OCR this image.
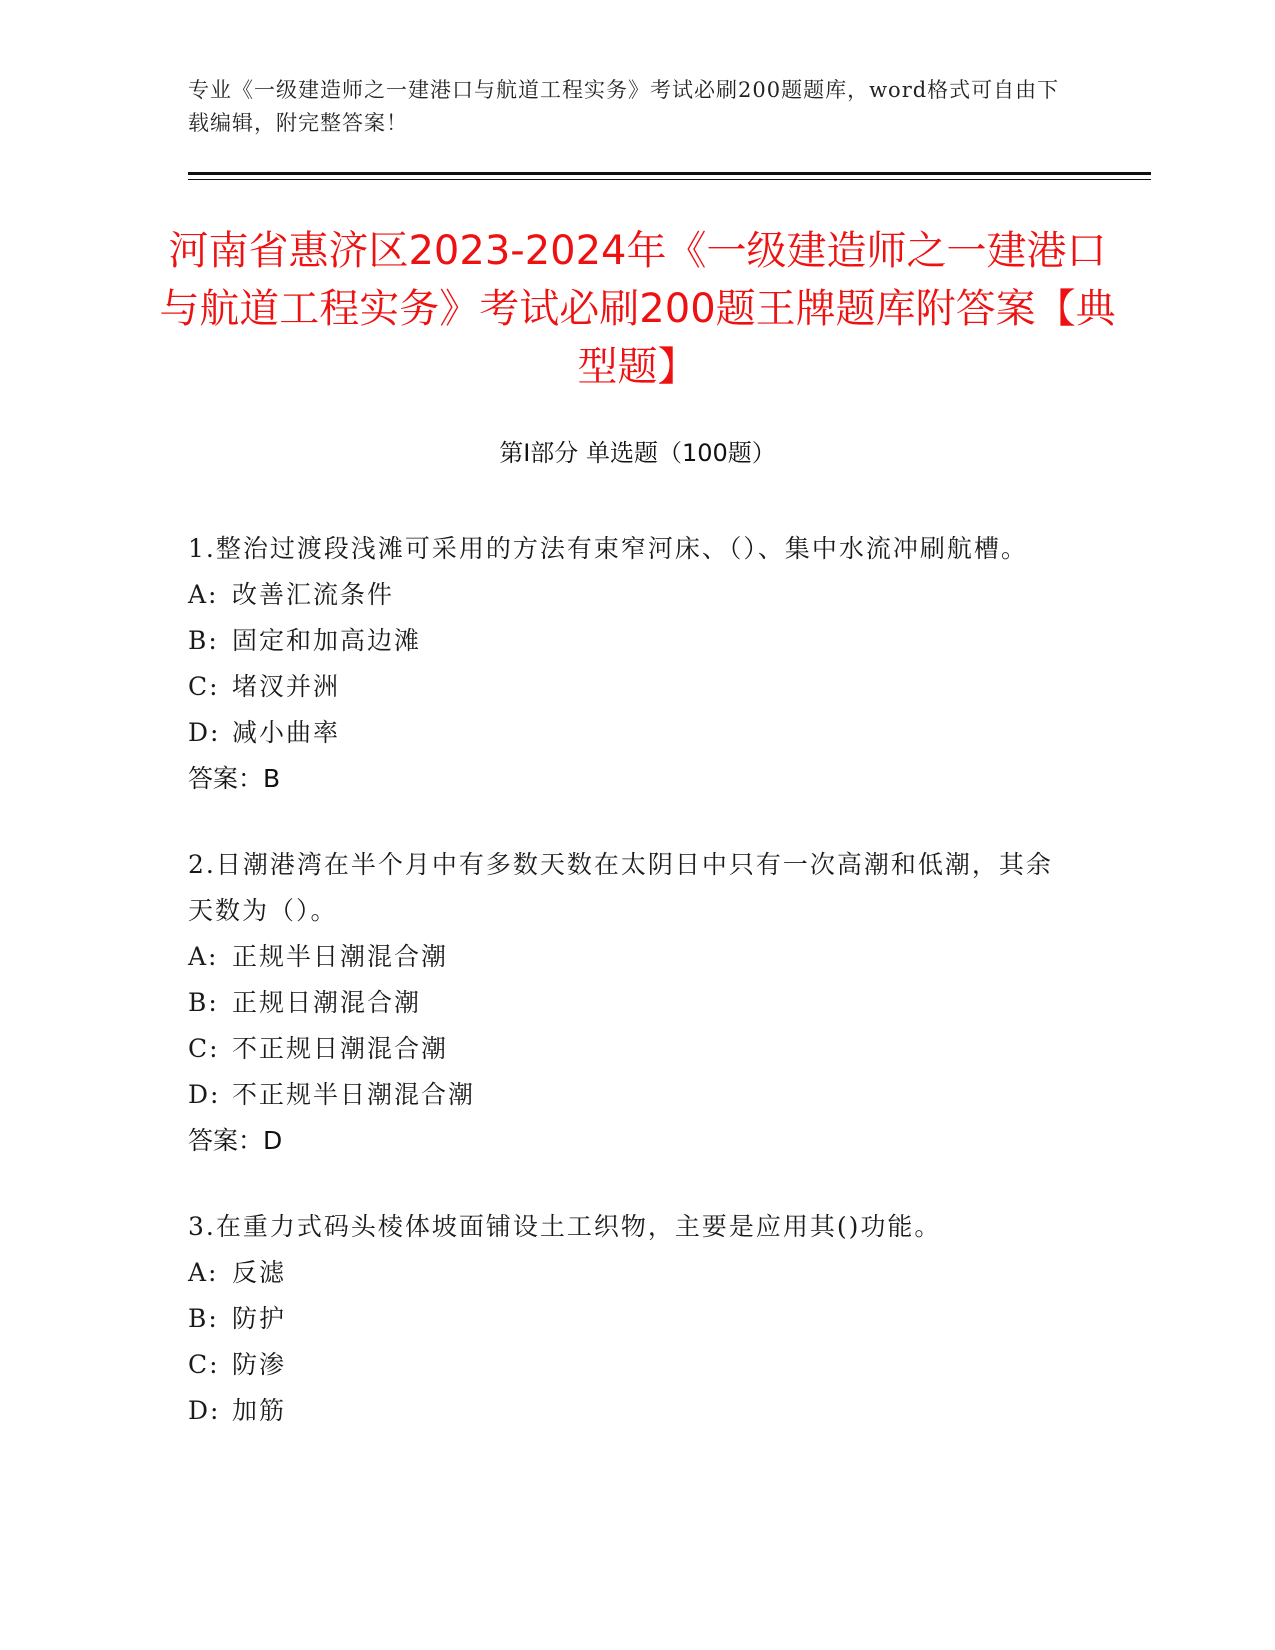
专业《一级建造师之一建港口与航道工程实务》考试必刷200题题库，word格式可自由下载编辑，附完整答案！
河南省惠济区2023-2024年《一级建造师之一建港口与航道工程实务》考试必刷200题王牌题库附答案【典型题】
第I部分 单选题（100题）

1.整治过渡段浅滩可采用的方法有束窄河床、（）、集中水流冲刷航槽。

A: 改善汇流条件

B: 固定和加高边滩

C: 堵汊并洲

D: 减小曲率

答案：B

2.日潮港湾在半个月中有多数天数在太阴日中只有一次高潮和低潮，其余天数为（）。

A: 正规半日潮混合潮

B: 正规日潮混合潮

C: 不正规日潮混合潮

D: 不正规半日潮混合潮

答案：D

3.在重力式码头棱体坡面铺设土工织物，主要是应用其()功能。

A: 反滤

B: 防护

C: 防渗

D: 加筋
